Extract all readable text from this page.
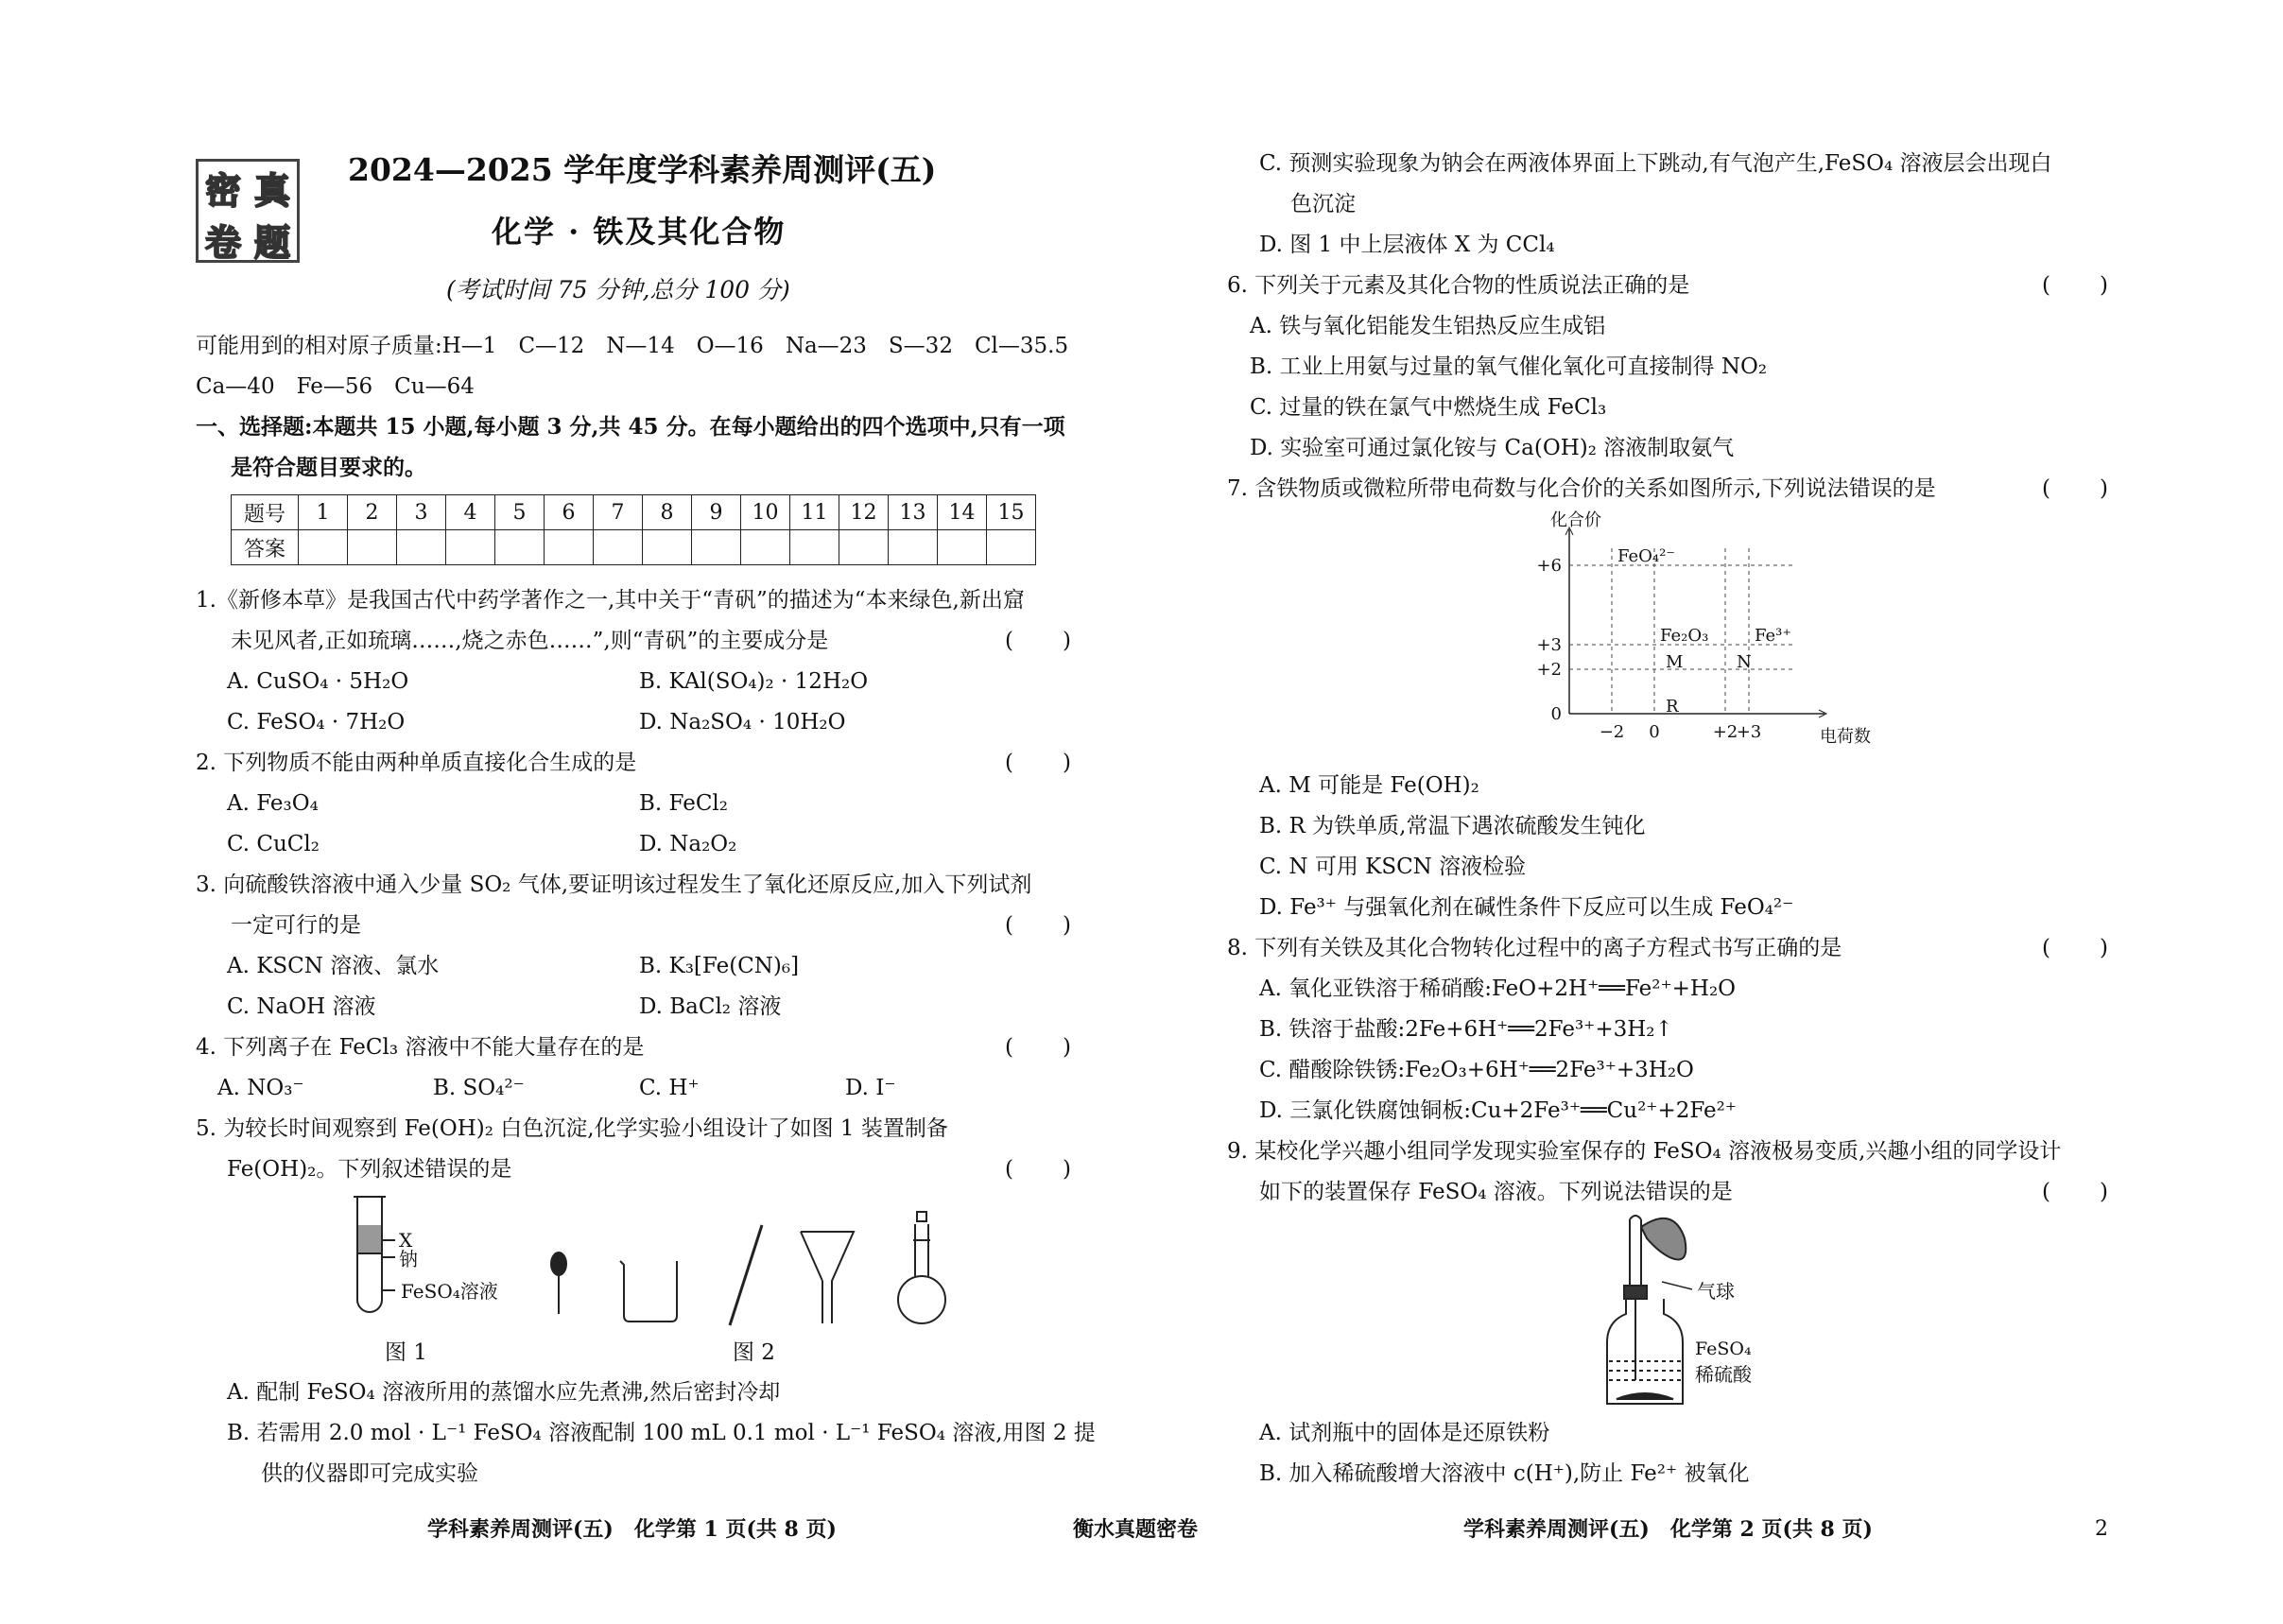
密 真
卷 题
2024—2025 学年度学科素养周测评(五)
化学 · 铁及其化合物
(考试时间 75 分钟,总分 100 分)
可能用到的相对原子质量:H—1　C—12　N—14　O—16　Na—23　S—32　Cl—35.5
Ca—40　Fe—56　Cu—64
一、选择题:本题共 15 小题,每小题 3 分,共 45 分。在每小题给出的四个选项中,只有一项
是符合题目要求的。
题号	1	2	3	4	5	6	7	8	9	10	11	12	13	14	15
答案															
1.《新修本草》是我国古代中药学著作之一,其中关于“青矾”的描述为“本来绿色,新出窟
未见风者,正如琉璃……,烧之赤色……”,则“青矾”的主要成分是	(　　)
A. CuSO₄ · 5H₂O	B. KAl(SO₄)₂ · 12H₂O
C. FeSO₄ · 7H₂O	D. Na₂SO₄ · 10H₂O
2. 下列物质不能由两种单质直接化合生成的是	(　　)
A. Fe₃O₄	B. FeCl₂
C. CuCl₂	D. Na₂O₂
3. 向硫酸铁溶液中通入少量 SO₂ 气体,要证明该过程发生了氧化还原反应,加入下列试剂
一定可行的是	(　　)
A. KSCN 溶液、氯水	B. K₃[Fe(CN)₆]
C. NaOH 溶液	D. BaCl₂ 溶液
4. 下列离子在 FeCl₃ 溶液中不能大量存在的是	(　　)
A. NO₃⁻	B. SO₄²⁻	C. H⁺	D. I⁻
5. 为较长时间观察到 Fe(OH)₂ 白色沉淀,化学实验小组设计了如图 1 装置制备
Fe(OH)₂。下列叙述错误的是	(　　)
X
钠
FeSO₄溶液
图 1	图 2
A. 配制 FeSO₄ 溶液所用的蒸馏水应先煮沸,然后密封冷却
B. 若需用 2.0 mol · L⁻¹ FeSO₄ 溶液配制 100 mL 0.1 mol · L⁻¹ FeSO₄ 溶液,用图 2 提
供的仪器即可完成实验
C. 预测实验现象为钠会在两液体界面上下跳动,有气泡产生,FeSO₄ 溶液层会出现白
色沉淀
D. 图 1 中上层液体 X 为 CCl₄
6. 下列关于元素及其化合物的性质说法正确的是	(　　)
A. 铁与氧化铝能发生铝热反应生成铝
B. 工业上用氨与过量的氧气催化氧化可直接制得 NO₂
C. 过量的铁在氯气中燃烧生成 FeCl₃
D. 实验室可通过氯化铵与 Ca(OH)₂ 溶液制取氨气
7. 含铁物质或微粒所带电荷数与化合价的关系如图所示,下列说法错误的是	(　　)
化合价
电荷数
0
+2
+3
+6
−2 0	+2
+3
FeO₄²⁻
Fe₂O₃	Fe³⁺
M	N
R
A. M 可能是 Fe(OH)₂
B. R 为铁单质,常温下遇浓硫酸发生钝化
C. N 可用 KSCN 溶液检验
D. Fe³⁺ 与强氧化剂在碱性条件下反应可以生成 FeO₄²⁻
8. 下列有关铁及其化合物转化过程中的离子方程式书写正确的是	(　　)
A. 氧化亚铁溶于稀硝酸:FeO+2H⁺══Fe²⁺+H₂O
B. 铁溶于盐酸:2Fe+6H⁺══2Fe³⁺+3H₂↑
C. 醋酸除铁锈:Fe₂O₃+6H⁺══2Fe³⁺+3H₂O
D. 三氯化铁腐蚀铜板:Cu+2Fe³⁺══Cu²⁺+2Fe²⁺
9. 某校化学兴趣小组同学发现实验室保存的 FeSO₄ 溶液极易变质,兴趣小组的同学设计
如下的装置保存 FeSO₄ 溶液。下列说法错误的是	(　　)
气球
FeSO₄
稀硫酸
A. 试剂瓶中的固体是还原铁粉
B. 加入稀硫酸增大溶液中 c(H⁺),防止 Fe²⁺ 被氧化
学科素养周测评(五)　化学第 1 页(共 8 页)	衡水真题密卷	学科素养周测评(五)　化学第 2 页(共 8 页)	2
